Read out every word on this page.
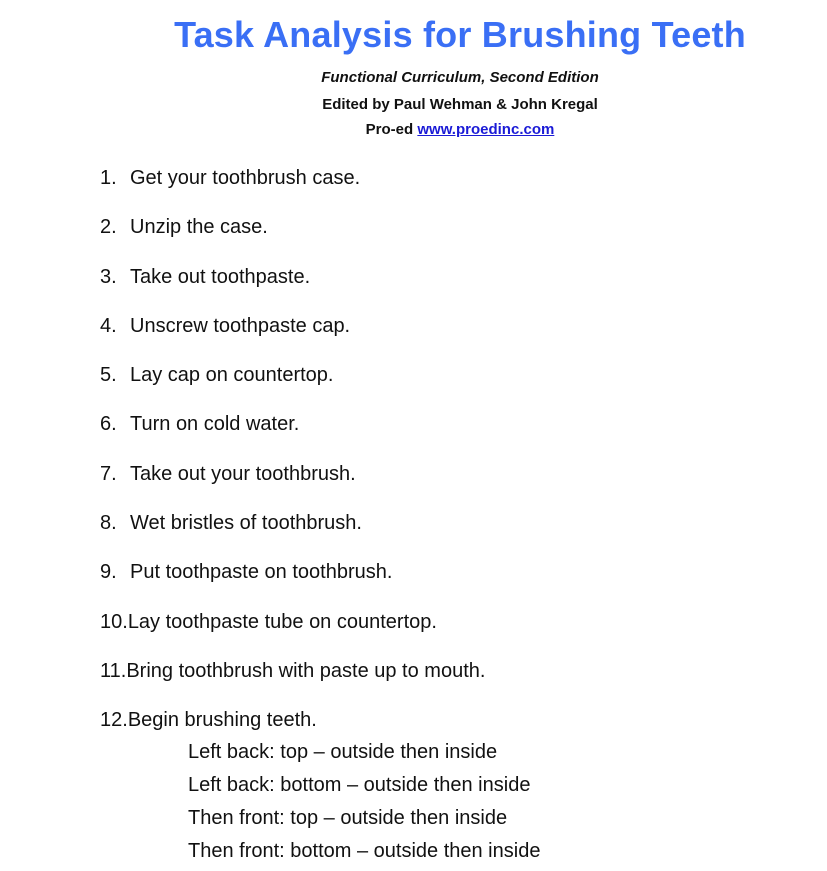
Task Analysis for Brushing Teeth
Functional Curriculum, Second Edition
Edited by Paul Wehman & John Kregal
Pro-ed www.proedinc.com
1. Get your toothbrush case.
2. Unzip the case.
3. Take out toothpaste.
4. Unscrew toothpaste cap.
5. Lay cap on countertop.
6. Turn on cold water.
7. Take out your toothbrush.
8. Wet bristles of toothbrush.
9. Put toothpaste on toothbrush.
10.Lay toothpaste tube on countertop.
11.Bring toothbrush with paste up to mouth.
12.Begin brushing teeth.
Left back: top – outside then inside
Left back: bottom – outside then inside
Then front: top – outside then inside
Then front: bottom – outside then inside
